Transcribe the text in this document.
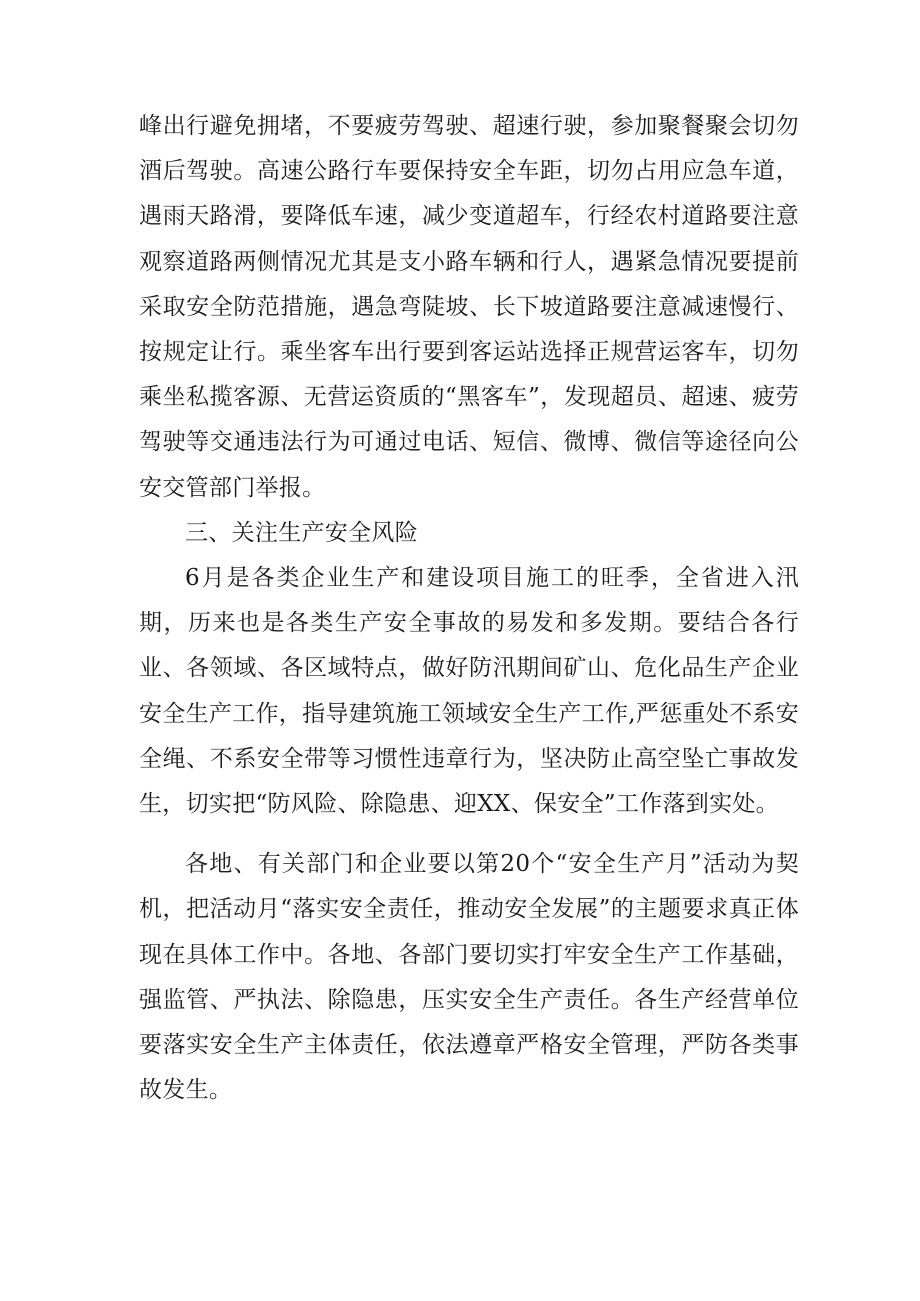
峰出行避免拥堵，不要疲劳驾驶、超速行驶，参加聚餐聚会切勿酒后驾驶。高速公路行车要保持安全车距，切勿占用应急车道，遇雨天路滑，要降低车速，减少变道超车，行经农村道路要注意观察道路两侧情况尤其是支小路车辆和行人，遇紧急情况要提前采取安全防范措施，遇急弯陡坡、长下坡道路要注意减速慢行、按规定让行。乘坐客车出行要到客运站选择正规营运客车，切勿乘坐私揽客源、无营运资质的“黑客车”，发现超员、超速、疲劳驾驶等交通违法行为可通过电话、短信、微博、微信等途径向公安交管部门举报。

三、关注生产安全风险

6月是各类企业生产和建设项目施工的旺季，全省进入汛期，历来也是各类生产安全事故的易发和多发期。要结合各行业、各领域、各区域特点，做好防汛期间矿山、危化品生产企业安全生产工作，指导建筑施工领域安全生产工作,严惩重处不系安全绳、不系安全带等习惯性违章行为，坚决防止高空坠亡事故发生，切实把“防风险、除隐患、迎XX、保安全”工作落到实处。

各地、有关部门和企业要以第20个“安全生产月”活动为契机，把活动月“落实安全责任，推动安全发展”的主题要求真正体现在具体工作中。各地、各部门要切实打牢安全生产工作基础，强监管、严执法、除隐患，压实安全生产责任。各生产经营单位要落实安全生产主体责任，依法遵章严格安全管理，严防各类事故发生。
